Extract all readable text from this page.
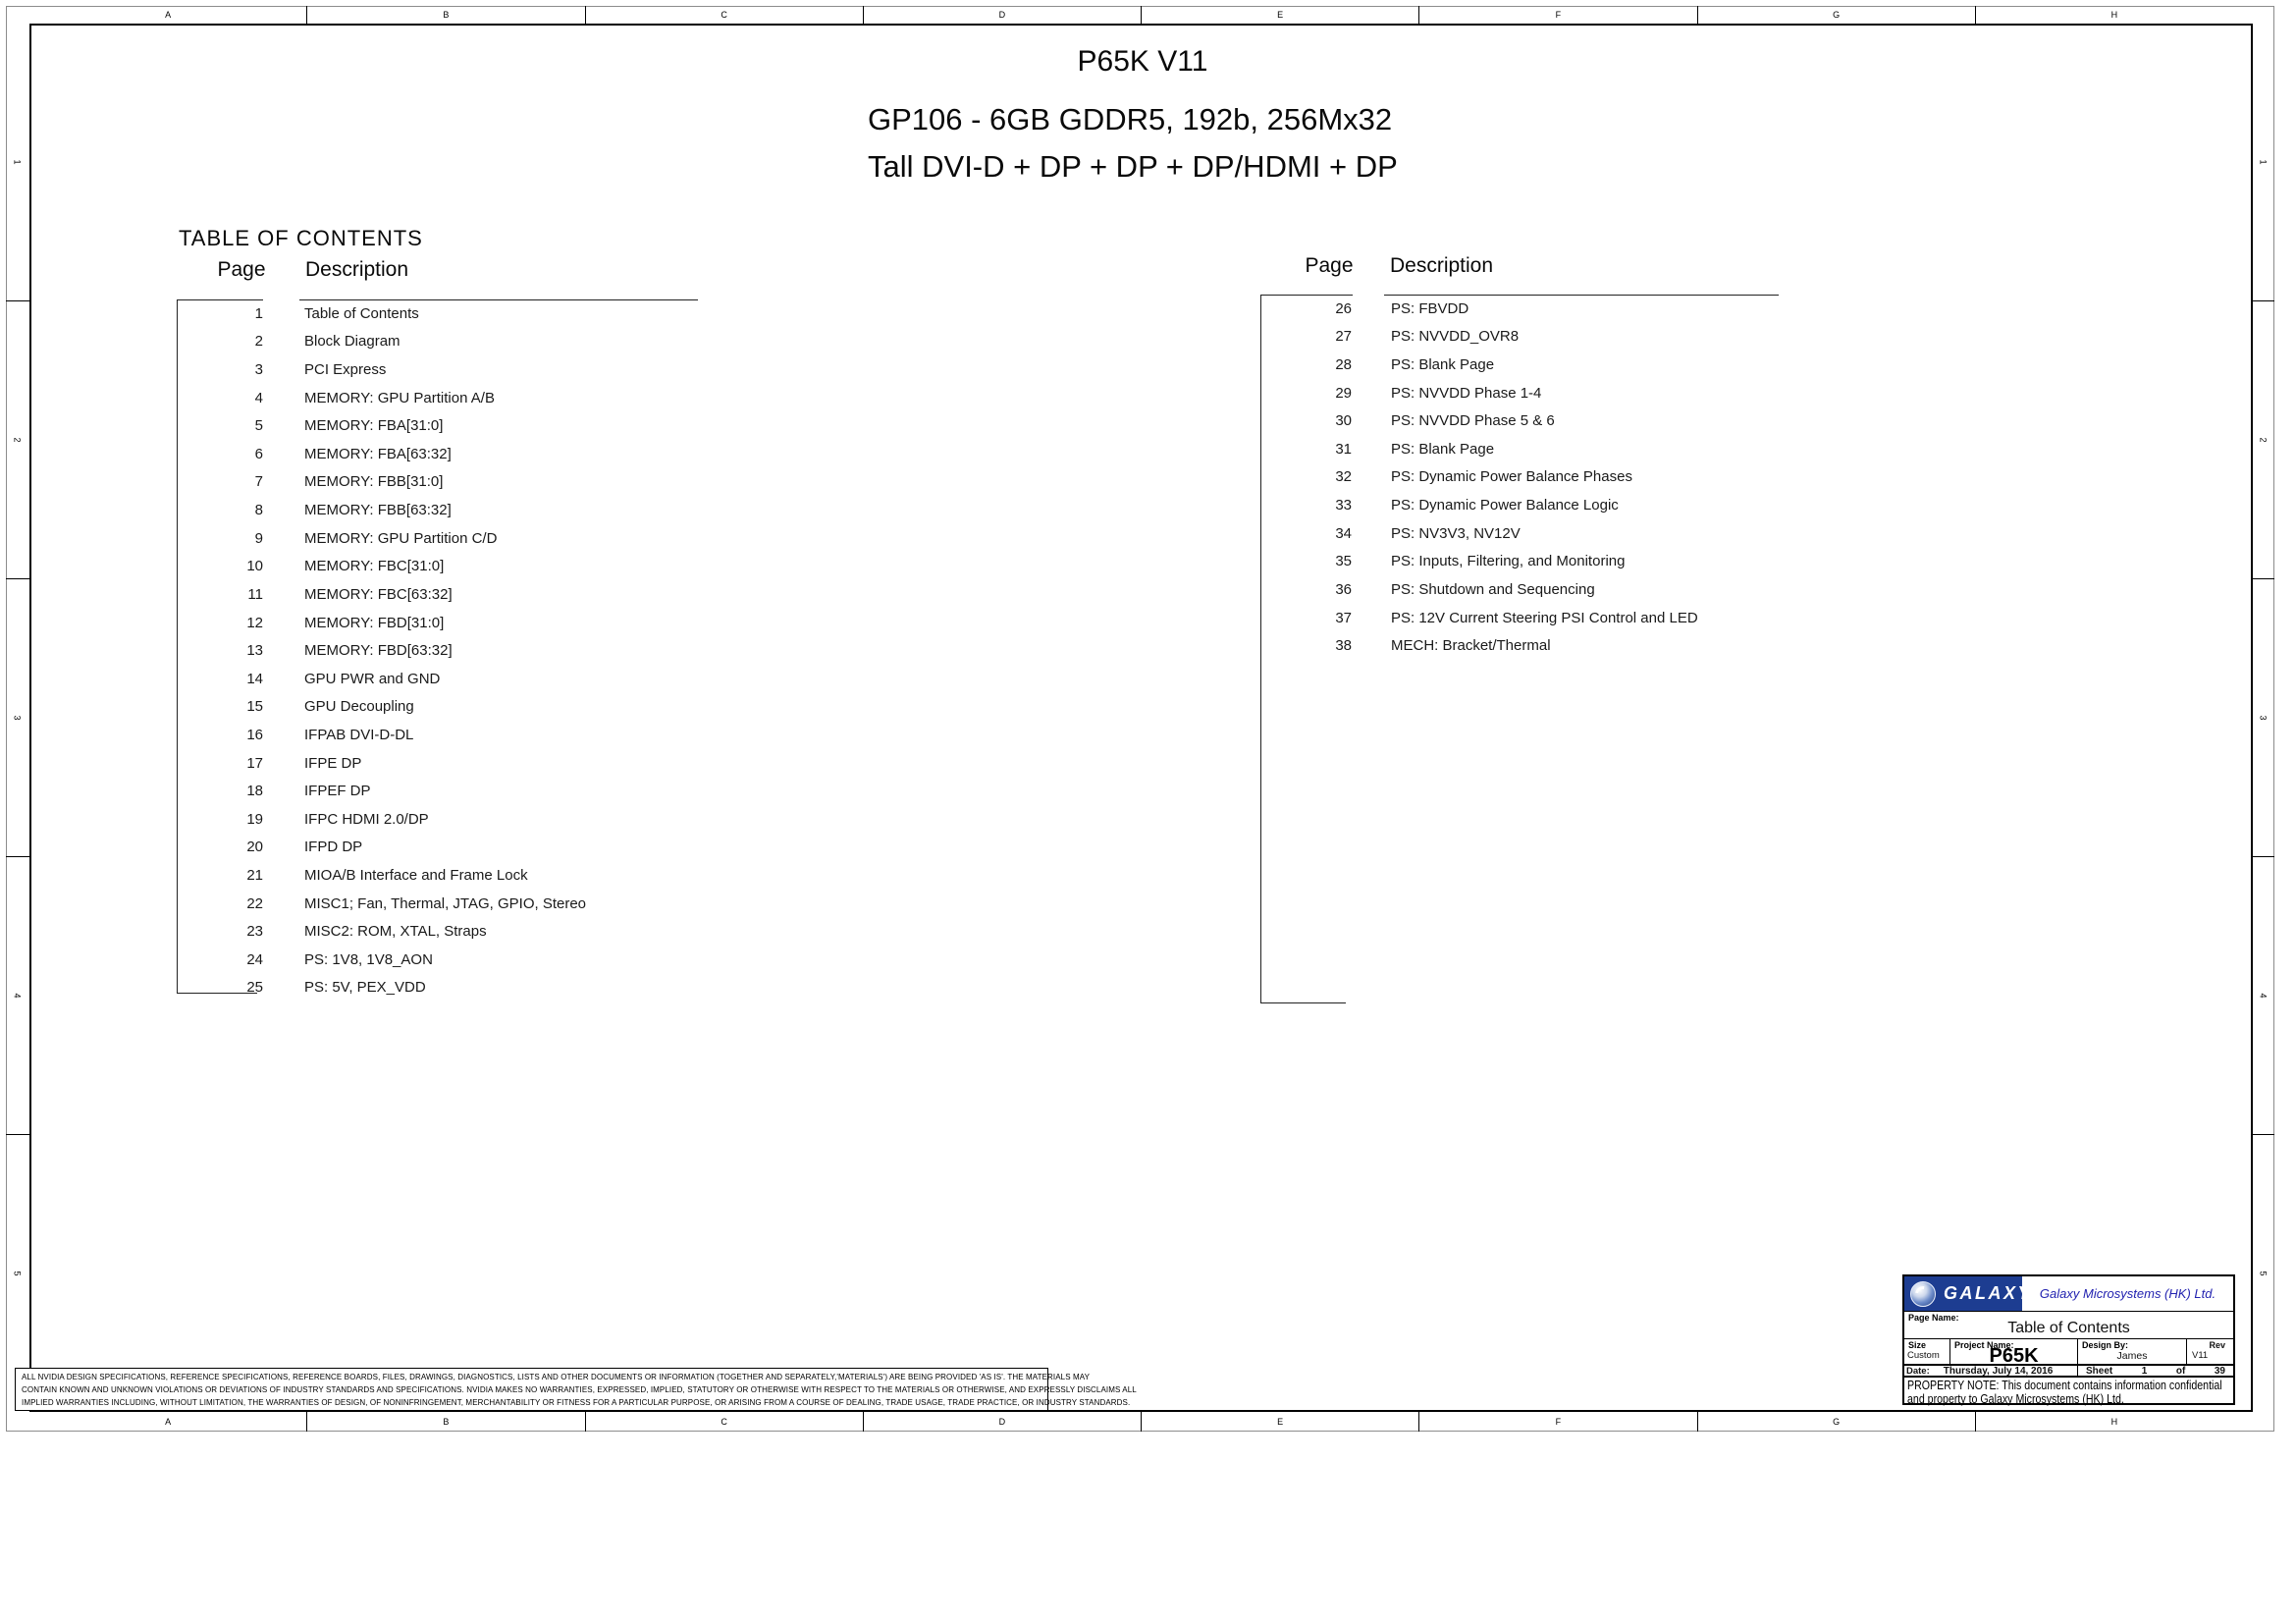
A	B	C	D	E	F	G	H
A	B	C	D	E	F	G	H
1
2
3
4
5
1
2
3
4
5
P65K V11
GP106 - 6GB GDDR5, 192b, 256Mx32
Tall DVI-D + DP + DP + DP/HDMI + DP
TABLE OF CONTENTS
Page	Description	Page	Description
1	Table of Contents
2	Block Diagram
3	PCI Express
4	MEMORY: GPU Partition A/B
5	MEMORY: FBA[31:0]
6	MEMORY: FBA[63:32]
7	MEMORY: FBB[31:0]
8	MEMORY: FBB[63:32]
9	MEMORY: GPU Partition C/D
10	MEMORY: FBC[31:0]
11	MEMORY: FBC[63:32]
12	MEMORY: FBD[31:0]
13	MEMORY: FBD[63:32]
14	GPU PWR and GND
15	GPU Decoupling
16	IFPAB DVI-D-DL
17	IFPE DP
18	IFPEF DP
19	IFPC HDMI 2.0/DP
20	IFPD DP
21	MIOA/B Interface and Frame Lock
22	MISC1; Fan, Thermal, JTAG, GPIO, Stereo
23	MISC2: ROM, XTAL, Straps
24	PS: 1V8, 1V8_AON
25	PS: 5V, PEX_VDD
26	PS: FBVDD
27	PS: NVVDD_OVR8
28	PS: Blank Page
29	PS: NVVDD Phase 1-4
30	PS: NVVDD Phase 5 & 6
31	PS: Blank Page
32	PS: Dynamic Power Balance Phases
33	PS: Dynamic Power Balance Logic
34	PS: NV3V3, NV12V
35	PS: Inputs, Filtering, and Monitoring
36	PS: Shutdown and Sequencing
37	PS: 12V Current Steering PSI Control and LED
38	MECH: Bracket/Thermal
ALL NVIDIA DESIGN SPECIFICATIONS, REFERENCE SPECIFICATIONS, REFERENCE BOARDS, FILES, DRAWINGS, DIAGNOSTICS, LISTS AND OTHER DOCUMENTS OR INFORMATION (TOGETHER AND SEPARATELY,'MATERIALS') ARE BEING PROVIDED 'AS IS'. THE MATERIALS MAY
CONTAIN KNOWN AND UNKNOWN VIOLATIONS OR DEVIATIONS OF INDUSTRY STANDARDS AND SPECIFICATIONS. NVIDIA MAKES NO WARRANTIES, EXPRESSED, IMPLIED, STATUTORY OR OTHERWISE WITH RESPECT TO THE MATERIALS OR OTHERWISE, AND EXPRESSLY DISCLAIMS ALL
IMPLIED WARRANTIES INCLUDING, WITHOUT LIMITATION, THE WARRANTIES OF DESIGN, OF NONINFRINGEMENT, MERCHANTABILITY OR FITNESS FOR A PARTICULAR PURPOSE, OR ARISING FROM A COURSE OF DEALING, TRADE USAGE, TRADE PRACTICE, OR INDUSTRY STANDARDS.
GALAXY Galaxy Microsystems (HK) Ltd.
Page Name:
Table of Contents
Size
Custom
Project Name:
P65K	Design By:
James
Rev
V11
Date: Thursday, July 14, 2016	Sheet	1	of	39
PROPERTY NOTE: This document contains information confidential and property to Galaxy Microsystems (HK) Ltd.
